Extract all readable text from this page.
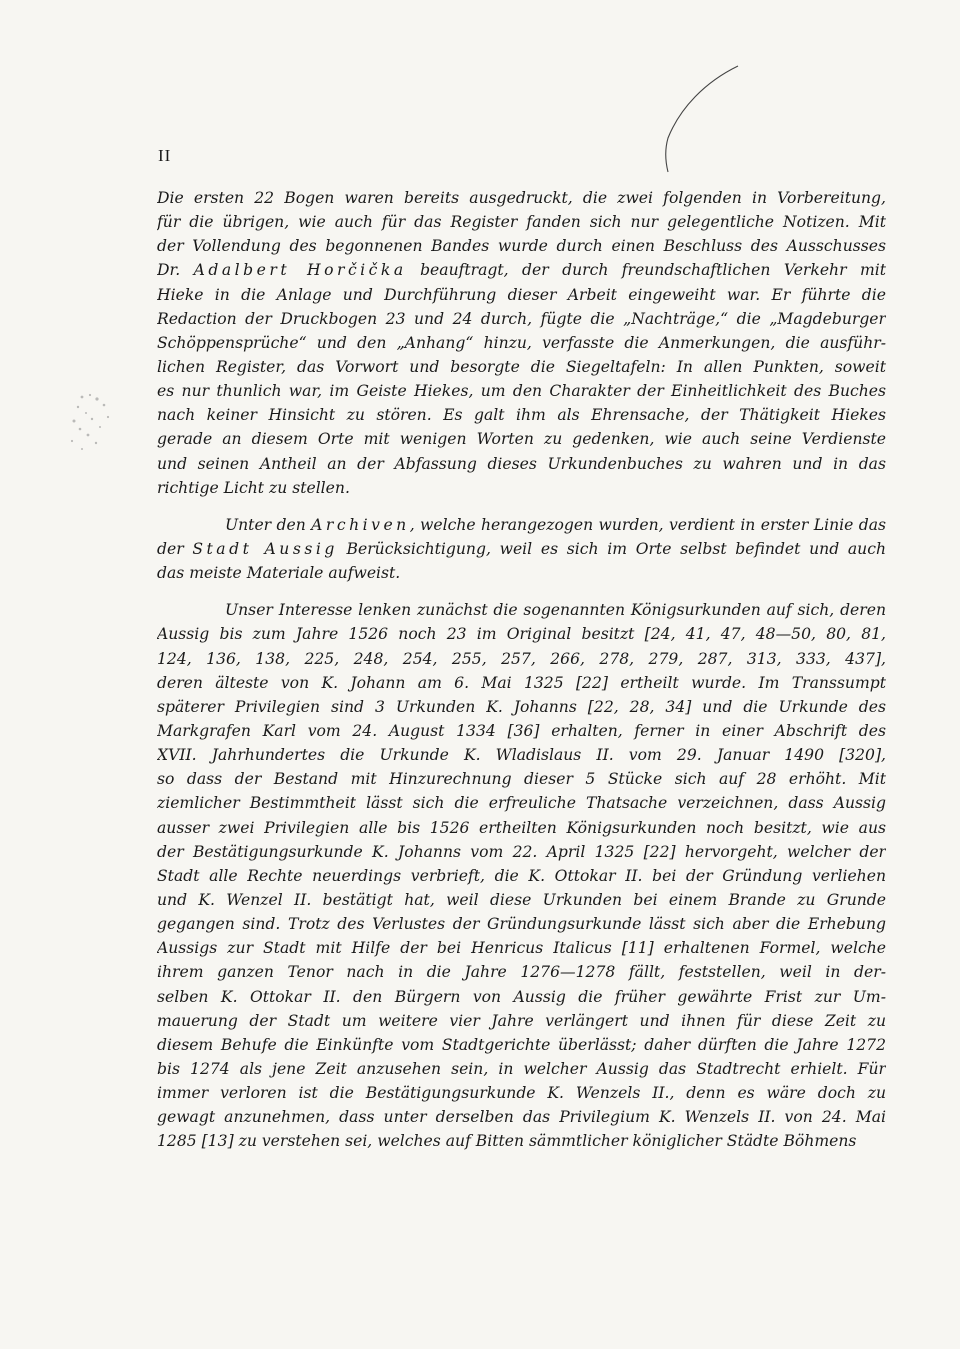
II
Die ersten 22 Bogen waren bereits ausgedruckt, die zwei folgenden in Vorbereitung,
für die übrigen, wie auch für das Register fanden sich nur gelegentliche Notizen. Mit
der Vollendung des begonnenen Bandes wurde durch einen Beschluss des Ausschusses
Dr. Adalbert Horčička beauftragt, der durch freundschaftlichen Verkehr mit
Hieke in die Anlage und Durchführung dieser Arbeit eingeweiht war. Er führte die
Redaction der Druckbogen 23 und 24 durch, fügte die „Nachträge,“ die „Magdeburger
Schöppensprüche“ und den „Anhang“ hinzu, verfasste die Anmerkungen, die ausführ-
lichen Register, das Vorwort und besorgte die Siegeltafeln: In allen Punkten, soweit
es nur thunlich war, im Geiste Hiekes, um den Charakter der Einheitlichkeit des Buches
nach keiner Hinsicht zu stören. Es galt ihm als Ehrensache, der Thätigkeit Hiekes
gerade an diesem Orte mit wenigen Worten zu gedenken, wie auch seine Verdienste
und seinen Antheil an der Abfassung dieses Urkundenbuches zu wahren und in das
richtige Licht zu stellen.
Unter den Archiven, welche herangezogen wurden, verdient in erster Linie das
der Stadt Aussig Berücksichtigung, weil es sich im Orte selbst befindet und auch
das meiste Materiale aufweist.
Unser Interesse lenken zunächst die sogenannten Königsurkunden auf sich, deren
Aussig bis zum Jahre 1526 noch 23 im Original besitzt [24, 41, 47, 48—50, 80, 81,
124, 136, 138, 225, 248, 254, 255, 257, 266, 278, 279, 287, 313, 333, 437],
deren älteste von K. Johann am 6. Mai 1325 [22] ertheilt wurde. Im Transsumpt
späterer Privilegien sind 3 Urkunden K. Johanns [22, 28, 34] und die Urkunde des
Markgrafen Karl vom 24. August 1334 [36] erhalten, ferner in einer Abschrift des
XVII. Jahrhundertes die Urkunde K. Wladislaus II. vom 29. Januar 1490 [320],
so dass der Bestand mit Hinzurechnung dieser 5 Stücke sich auf 28 erhöht. Mit
ziemlicher Bestimmtheit lässt sich die erfreuliche Thatsache verzeichnen, dass Aussig
ausser zwei Privilegien alle bis 1526 ertheilten Königsurkunden noch besitzt, wie aus
der Bestätigungsurkunde K. Johanns vom 22. April 1325 [22] hervorgeht, welcher der
Stadt alle Rechte neuerdings verbrieft, die K. Ottokar II. bei der Gründung verliehen
und K. Wenzel II. bestätigt hat, weil diese Urkunden bei einem Brande zu Grunde
gegangen sind. Trotz des Verlustes der Gründungsurkunde lässt sich aber die Erhebung
Aussigs zur Stadt mit Hilfe der bei Henricus Italicus [11] erhaltenen Formel, welche
ihrem ganzen Tenor nach in die Jahre 1276—1278 fällt, feststellen, weil in der-
selben K. Ottokar II. den Bürgern von Aussig die früher gewährte Frist zur Um-
mauerung der Stadt um weitere vier Jahre verlängert und ihnen für diese Zeit zu
diesem Behufe die Einkünfte vom Stadtgerichte überlässt; daher dürften die Jahre 1272
bis 1274 als jene Zeit anzusehen sein, in welcher Aussig das Stadtrecht erhielt. Für
immer verloren ist die Bestätigungsurkunde K. Wenzels II., denn es wäre doch zu
gewagt anzunehmen, dass unter derselben das Privilegium K. Wenzels II. von 24. Mai
1285 [13] zu verstehen sei, welches auf Bitten sämmtlicher königlicher Städte Böhmens
